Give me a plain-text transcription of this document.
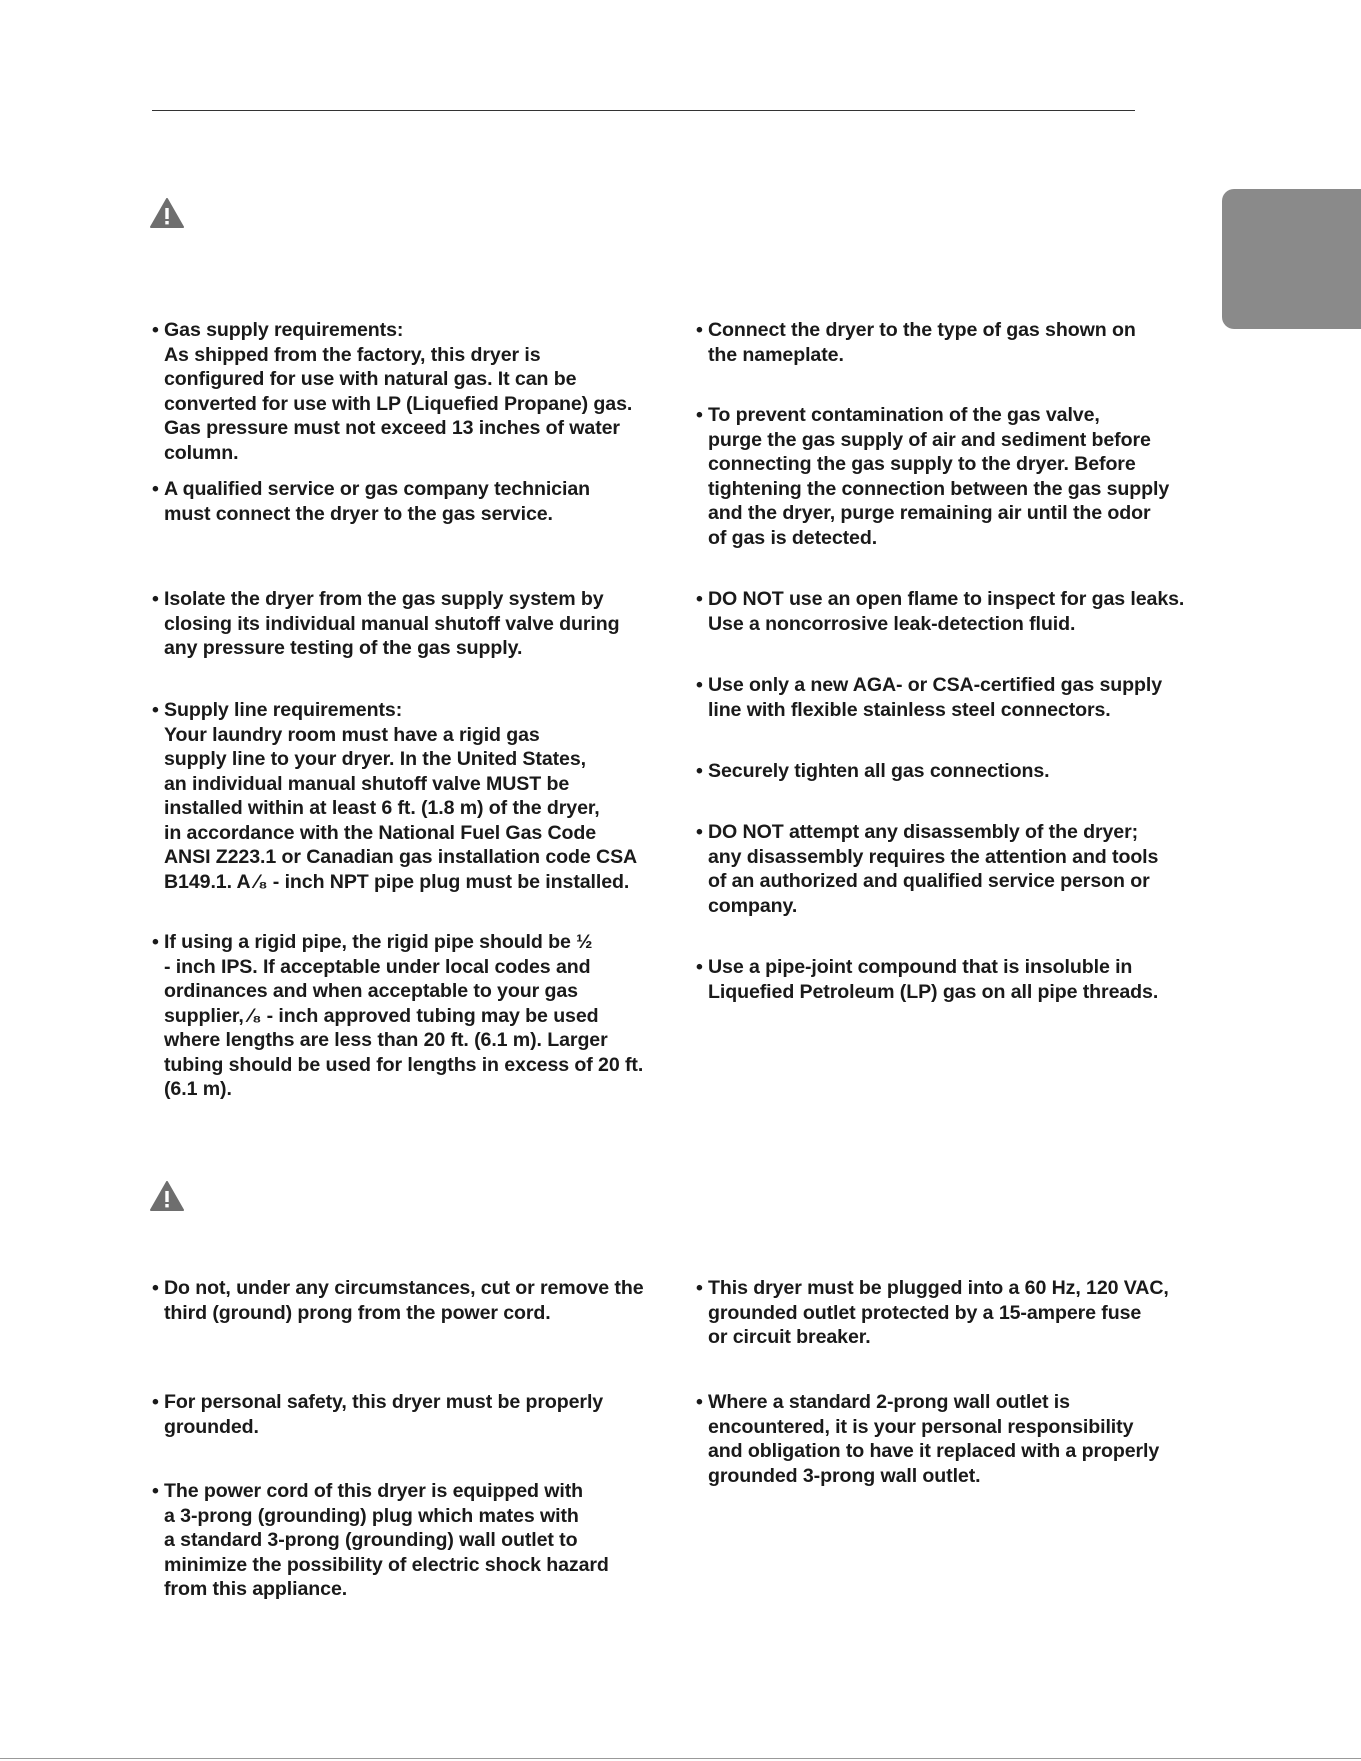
• Gas supply requirements:
As shipped from the factory, this dryer is
configured for use with natural gas. It can be
converted for use with LP (Liquefied Propane) gas.
Gas pressure must not exceed 13 inches of water
column.
• A qualified service or gas company technician
must connect the dryer to the gas service.
• Isolate the dryer from the gas supply system by
closing its individual manual shutoff valve during
any pressure testing of the gas supply.
• Supply line requirements:
Your laundry room must have a rigid gas
supply line to your dryer. In the United States,
an individual manual shutoff valve MUST be
installed within at least 6 ft. (1.8 m) of the dryer,
in accordance with the National Fuel Gas Code
ANSI Z223.1 or Canadian gas installation code CSA
B149.1. A ⁄₈ - inch NPT pipe plug must be installed.
• If using a rigid pipe, the rigid pipe should be ½
- inch IPS. If acceptable under local codes and
ordinances and when acceptable to your gas
supplier, ⁄₈ - inch approved tubing may be used
where lengths are less than 20 ft. (6.1 m). Larger
tubing should be used for lengths in excess of 20 ft.
(6.1 m).
• Connect the dryer to the type of gas shown on
the nameplate.
• To prevent contamination of the gas valve,
purge the gas supply of air and sediment before
connecting the gas supply to the dryer. Before
tightening the connection between the gas supply
and the dryer, purge remaining air until the odor
of gas is detected.
• DO NOT use an open flame to inspect for gas leaks.
Use a noncorrosive leak-detection fluid.
• Use only a new AGA- or CSA-certified gas supply
line with flexible stainless steel connectors.
• Securely tighten all gas connections.
• DO NOT attempt any disassembly of the dryer;
any disassembly requires the attention and tools
of an authorized and qualified service person or
company.
• Use a pipe-joint compound that is insoluble in
Liquefied Petroleum (LP) gas on all pipe threads.
• Do not, under any circumstances, cut or remove the
third (ground) prong from the power cord.
• For personal safety, this dryer must be properly
grounded.
• The power cord of this dryer is equipped with
a 3-prong (grounding) plug which mates with
a standard 3-prong (grounding) wall outlet to
minimize the possibility of electric shock hazard
from this appliance.
• This dryer must be plugged into a 60 Hz, 120 VAC,
grounded outlet protected by a 15-ampere fuse
or circuit breaker.
• Where a standard 2-prong wall outlet is
encountered, it is your personal responsibility
and obligation to have it replaced with a properly
grounded 3-prong wall outlet.
